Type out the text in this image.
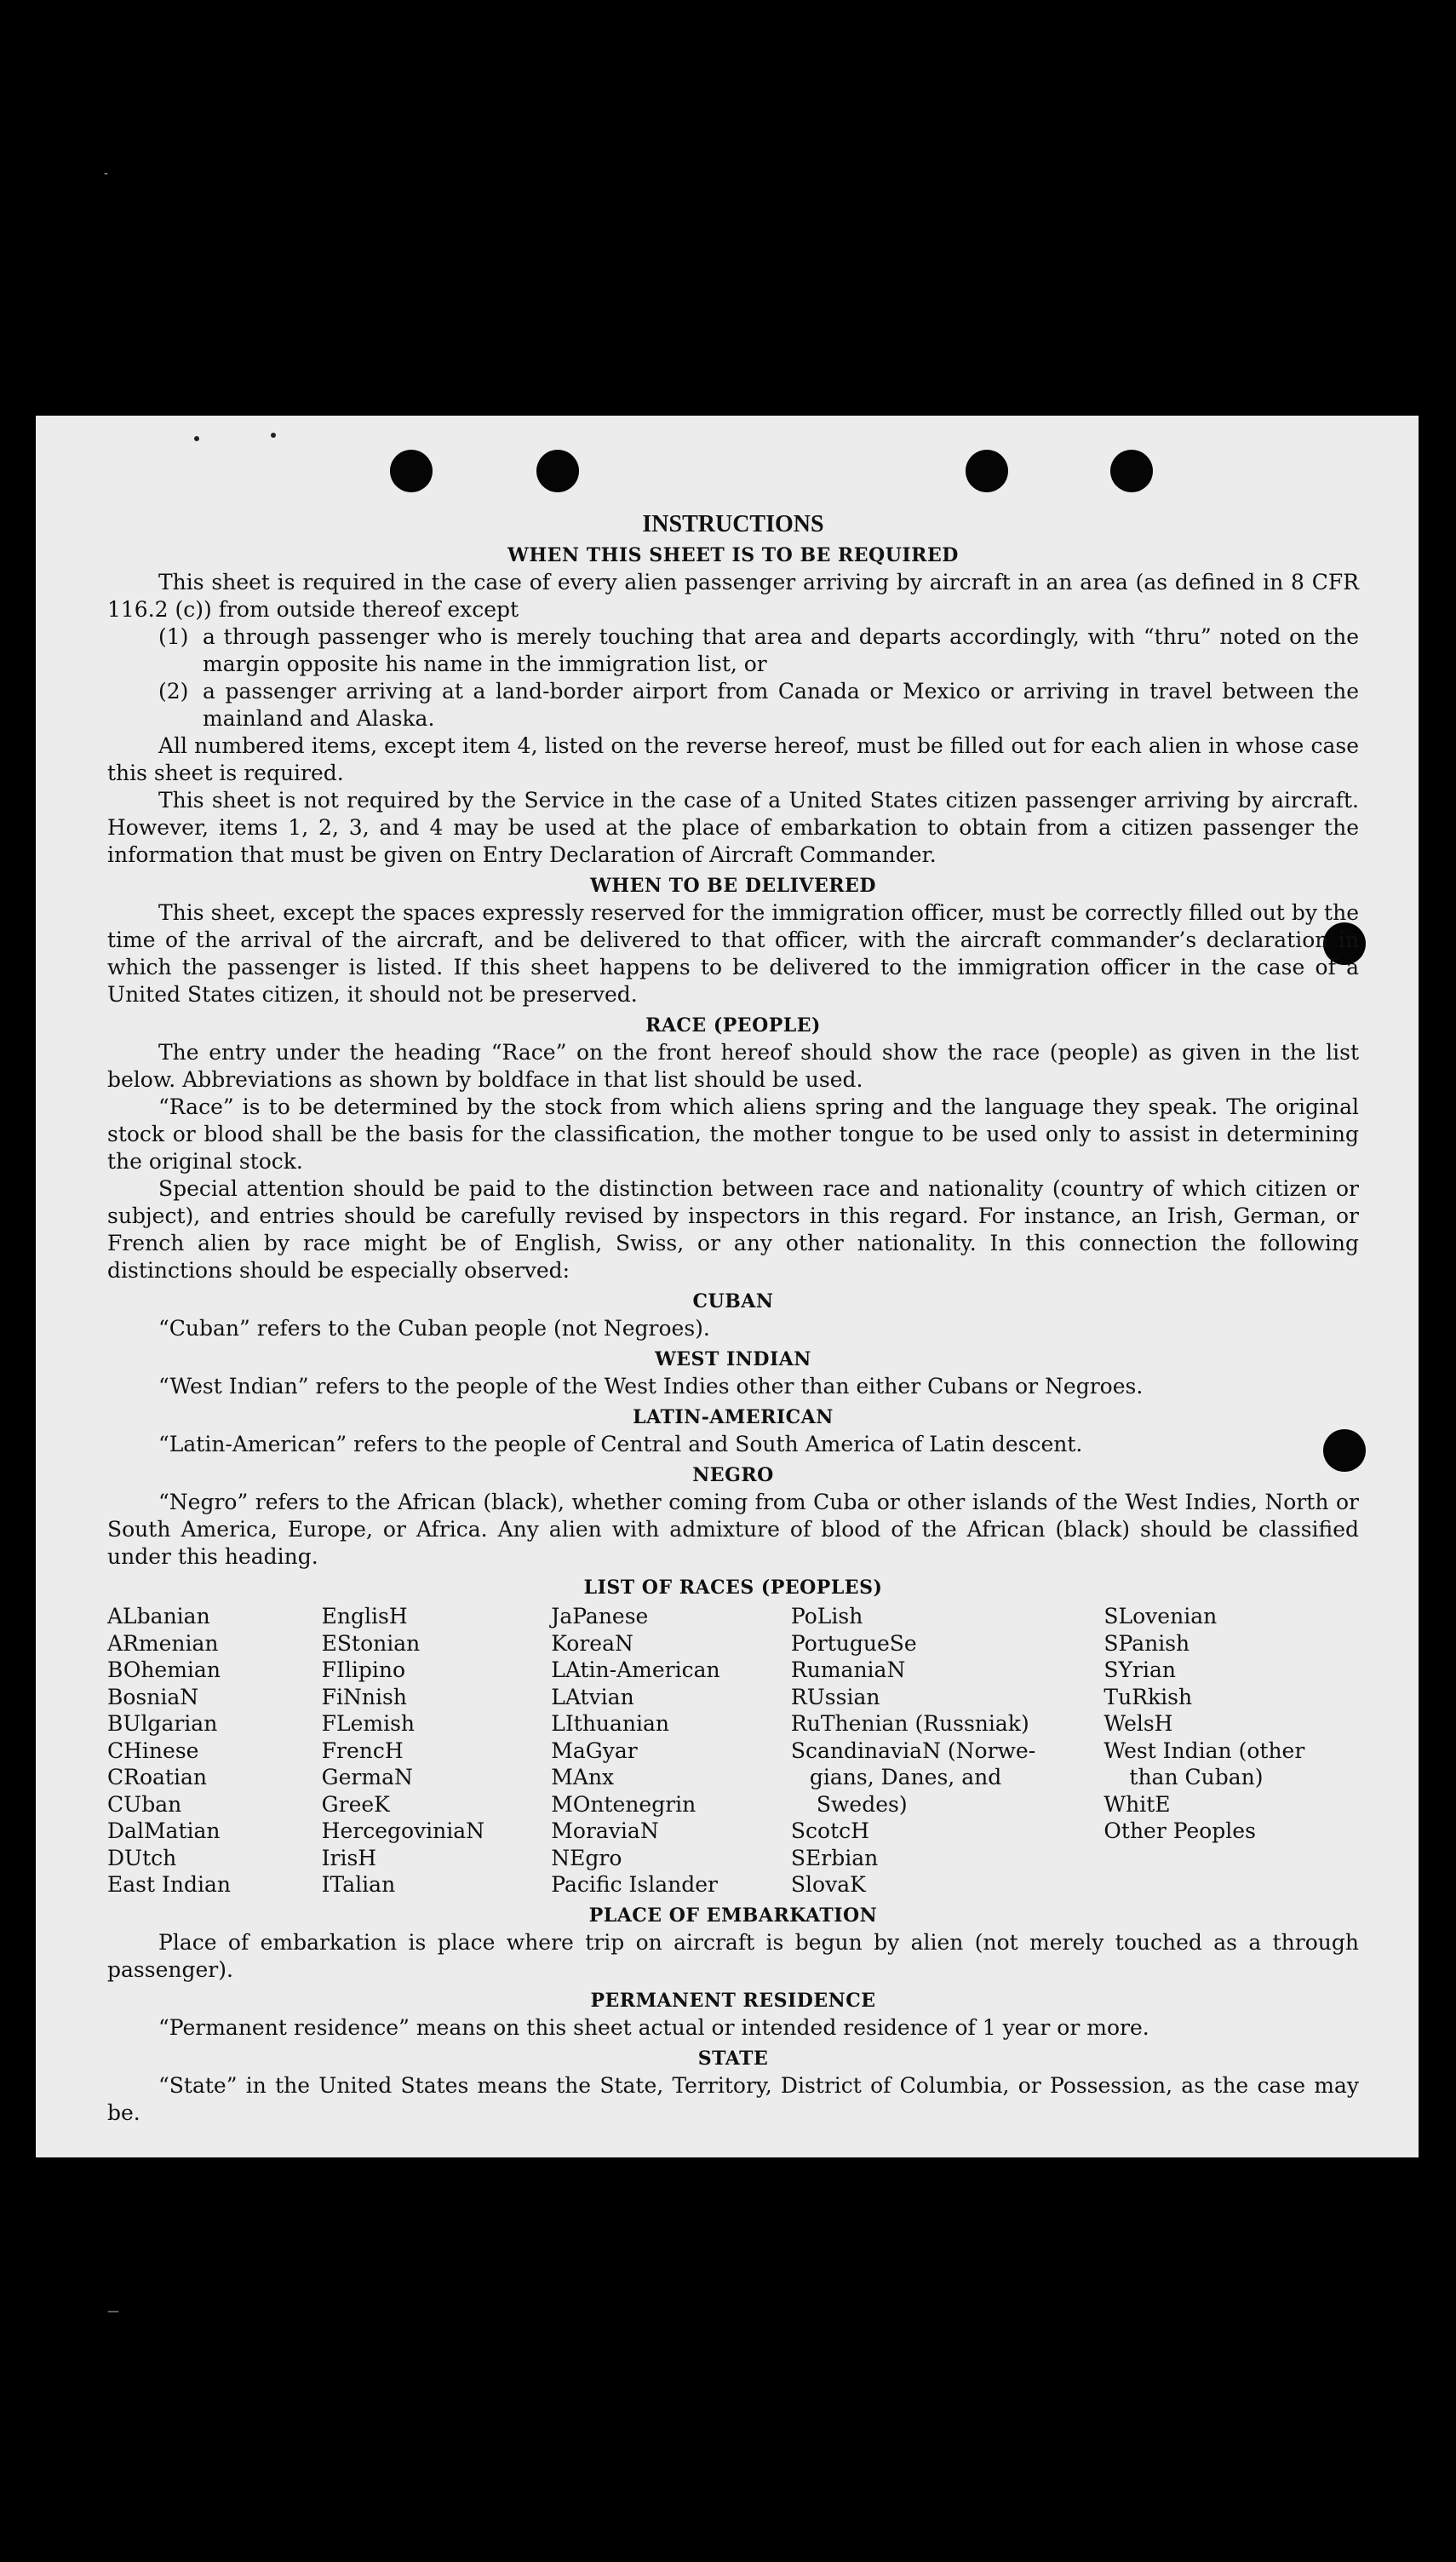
-
—
INSTRUCTIONS
WHEN THIS SHEET IS TO BE REQUIRED

This sheet is required in the case of every alien passenger arriving by aircraft in an area (as defined in 8 CFR 116.2 (c)) from outside thereof except

(1) a through passenger who is merely touching that area and departs accordingly, with “thru” noted on the margin opposite his name in the immigration list, or
(2) a passenger arriving at a land-border airport from Canada or Mexico or arriving in travel between the mainland and Alaska.

All numbered items, except item 4, listed on the reverse hereof, must be filled out for each alien in whose case this sheet is required.

This sheet is not required by the Service in the case of a United States citizen passenger arriving by aircraft. However, items 1, 2, 3, and 4 may be used at the place of embarkation to obtain from a citizen passenger the information that must be given on Entry Declaration of Aircraft Commander.

WHEN TO BE DELIVERED

This sheet, except the spaces expressly reserved for the immigration officer, must be correctly filled out by the time of the arrival of the aircraft, and be delivered to that officer, with the aircraft commander’s declaration in which the passenger is listed. If this sheet happens to be delivered to the immigration officer in the case of a United States citizen, it should not be preserved.

RACE (PEOPLE)

The entry under the heading “Race” on the front hereof should show the race (people) as given in the list below. Abbreviations as shown by boldface in that list should be used.

“Race” is to be determined by the stock from which aliens spring and the language they speak. The original stock or blood shall be the basis for the classification, the mother tongue to be used only to assist in determining the original stock.

Special attention should be paid to the distinction between race and nationality (country of which citizen or subject), and entries should be carefully revised by inspectors in this regard. For instance, an Irish, German, or French alien by race might be of English, Swiss, or any other nationality. In this connection the following distinctions should be especially observed:

CUBAN

“Cuban” refers to the Cuban people (not Negroes).

WEST INDIAN

“West Indian” refers to the people of the West Indies other than either Cubans or Negroes.

LATIN-AMERICAN

“Latin-American” refers to the people of Central and South America of Latin descent.

NEGRO

“Negro” refers to the African (black), whether coming from Cuba or other islands of the West Indies, North or South America, Europe, or Africa. Any alien with admixture of blood of the African (black) should be classified under this heading.

LIST OF RACES (PEOPLES)
ALbanian
ARmenian
BOhemian
BosniaN
BUlgarian
CHinese
CRoatian
CUban
DalMatian
DUtch
East Indian
EnglisH
EStonian
FIlipino
FiNnish
FLemish
FrencH
GermaN
GreeK
HercegoviniaN
IrisH
ITalian
JaPanese
KoreaN
LAtin-American
LAtvian
LIthuanian
MaGyar
MAnx
MOntenegrin
MoraviaN
NEgro
Pacific Islander
PoLish
PortugueSe
RumaniaN
RUssian
RuThenian (Russniak)
ScandinaviaN (Norwe-
gians, Danes, and
Swedes)
ScotcH
SErbian
SlovaK
SLovenian
SPanish
SYrian
TuRkish
WelsH
West Indian (other
than Cuban)
WhitE
Other Peoples
PLACE OF EMBARKATION

Place of embarkation is place where trip on aircraft is begun by alien (not merely touched as a through passenger).

PERMANENT RESIDENCE

“Permanent residence” means on this sheet actual or intended residence of 1 year or more.

STATE

“State” in the United States means the State, Territory, District of Columbia, or Possession, as the case may be.
